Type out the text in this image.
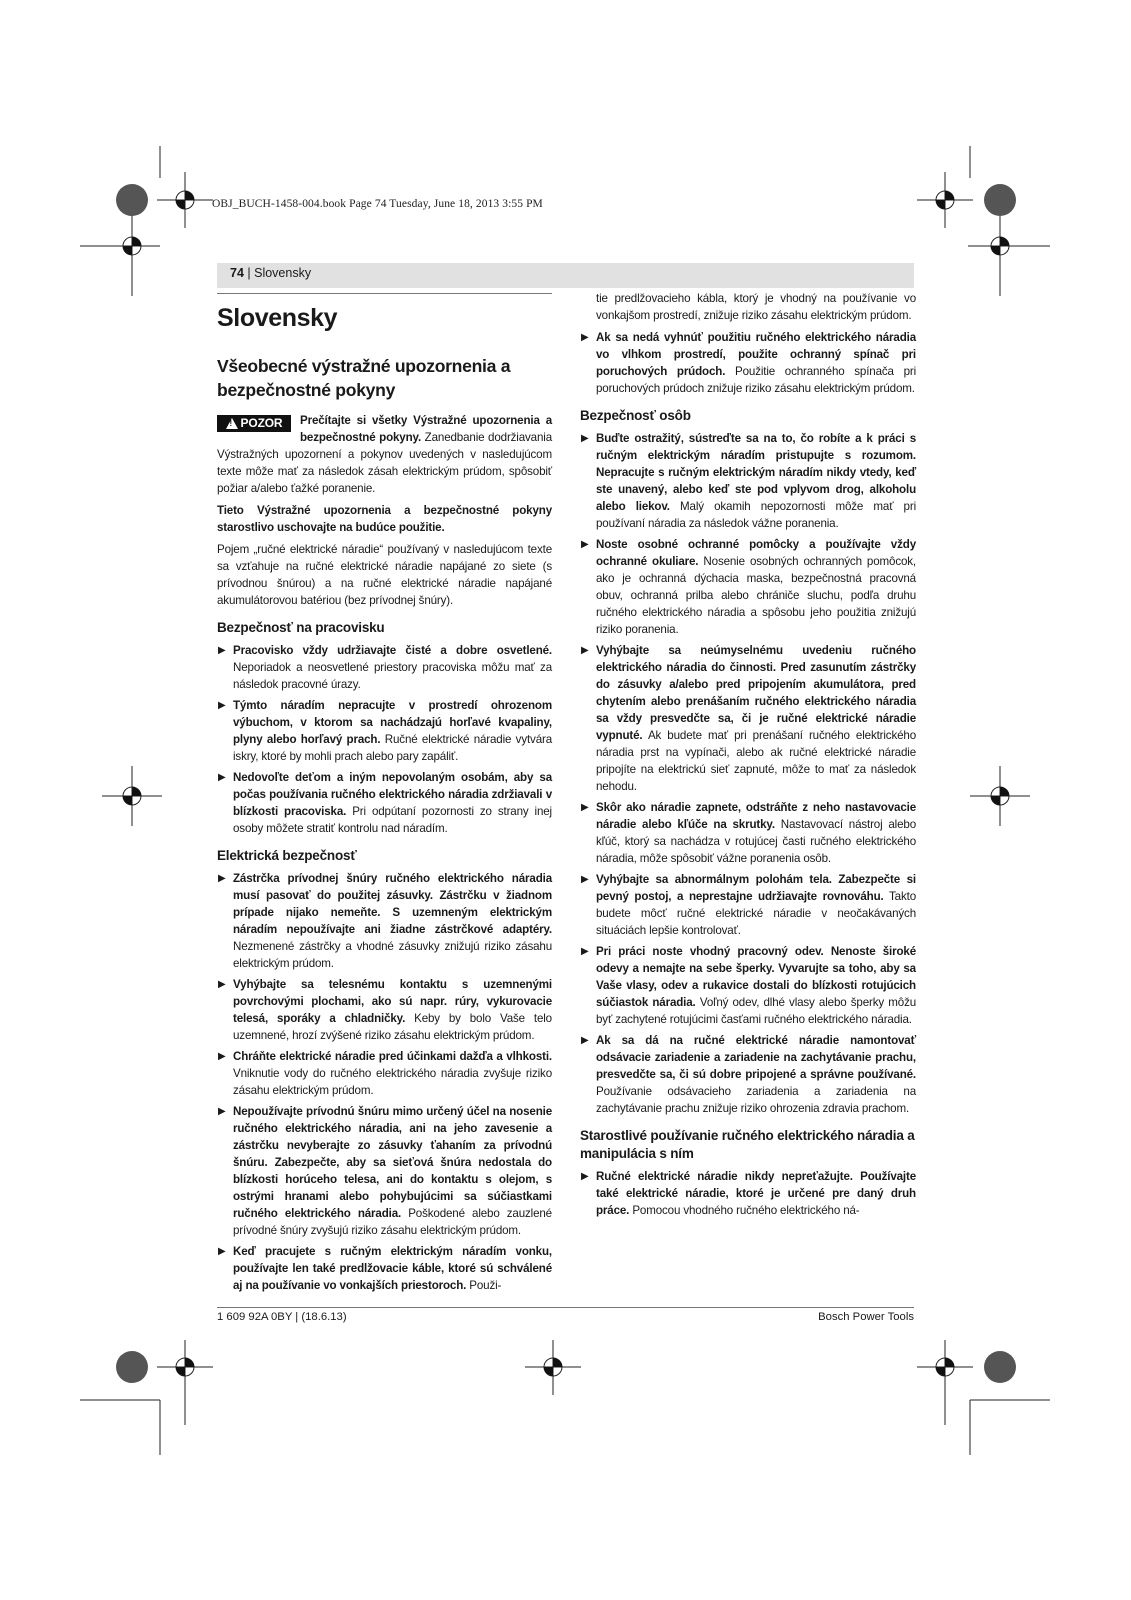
OBJ_BUCH-1458-004.book Page 74 Tuesday, June 18, 2013 3:55 PM
74 | Slovensky
Slovensky
Všeobecné výstražné upozornenia a bezpečnostné pokyny

!
POZOR Prečítajte si všetky Výstražné upozornenia a bezpečnostné pokyny. Zanedbanie dodržiavania Výstražných upozornení a pokynov uvedených v nasledujúcom texte môže mať za následok zásah elektrickým prúdom, spôsobiť požiar a/alebo ťažké poranenie.

Tieto Výstražné upozornenia a bezpečnostné pokyny starostlivo uschovajte na budúce použitie.

Pojem „ručné elektrické náradie“ používaný v nasledujúcom texte sa vzťahuje na ručné elektrické náradie napájané zo siete (s prívodnou šnúrou) a na ručné elektrické náradie napájané akumulátorovou batériou (bez prívodnej šnúry).

Bezpečnosť na pracovisku
▶ Pracovisko vždy udržiavajte čisté a dobre osvetlené. Neporiadok a neosvetlené priestory pracoviska môžu mať za následok pracovné úrazy.
▶ Týmto náradím nepracujte v prostredí ohrozenom výbuchom, v ktorom sa nachádzajú horľavé kvapaliny, plyny alebo horľavý prach. Ručné elektrické náradie vytvára iskry, ktoré by mohli prach alebo pary zapáliť.
▶ Nedovoľte deťom a iným nepovolaným osobám, aby sa počas používania ručného elektrického náradia zdržiavali v blízkosti pracoviska. Pri odpútaní pozornosti zo strany inej osoby môžete stratiť kontrolu nad náradím.
Elektrická bezpečnosť
▶ Zástrčka prívodnej šnúry ručného elektrického náradia musí pasovať do použitej zásuvky. Zástrčku v žiadnom prípade nijako nemeňte. S uzemneným elektrickým náradím nepoužívajte ani žiadne zástrčkové adaptéry. Nezmenené zástrčky a vhodné zásuvky znižujú riziko zásahu elektrickým prúdom.
▶ Vyhýbajte sa telesnému kontaktu s uzemnenými povrchovými plochami, ako sú napr. rúry, vykurovacie telesá, sporáky a chladničky. Keby by bolo Vaše telo uzemnené, hrozí zvýšené riziko zásahu elektrickým prúdom.
▶ Chráňte elektrické náradie pred účinkami dažďa a vlhkosti. Vniknutie vody do ručného elektrického náradia zvyšuje riziko zásahu elektrickým prúdom.
▶ Nepoužívajte prívodnú šnúru mimo určený účel na nosenie ručného elektrického náradia, ani na jeho zavesenie a zástrčku nevyberajte zo zásuvky ťahaním za prívodnú šnúru. Zabezpečte, aby sa sieťová šnúra nedostala do blízkosti horúceho telesa, ani do kontaktu s olejom, s ostrými hranami alebo pohybujúcimi sa súčiastkami ručného elektrického náradia. Poškodené alebo zauzlené prívodné šnúry zvyšujú riziko zásahu elektrickým prúdom.
▶ Keď pracujete s ručným elektrickým náradím vonku, používajte len také predlžovacie káble, ktoré sú schválené aj na používanie vo vonkajších priestoroch. Použi-

tie predlžovacieho kábla, ktorý je vhodný na používanie vo vonkajšom prostredí, znižuje riziko zásahu elektrickým prúdom.

▶ Ak sa nedá vyhnúť použitiu ručného elektrického náradia vo vlhkom prostredí, použite ochranný spínač pri poruchových prúdoch. Použitie ochranného spínača pri poruchových prúdoch znižuje riziko zásahu elektrickým prúdom.
Bezpečnosť osôb
▶ Buďte ostražitý, sústreďte sa na to, čo robíte a k práci s ručným elektrickým náradím pristupujte s rozumom. Nepracujte s ručným elektrickým náradím nikdy vtedy, keď ste unavený, alebo keď ste pod vplyvom drog, alkoholu alebo liekov. Malý okamih nepozornosti môže mať pri používaní náradia za následok vážne poranenia.
▶ Noste osobné ochranné pomôcky a používajte vždy ochranné okuliare. Nosenie osobných ochranných pomôcok, ako je ochranná dýchacia maska, bezpečnostná pracovná obuv, ochranná prilba alebo chrániče sluchu, podľa druhu ručného elektrického náradia a spôsobu jeho použitia znižujú riziko poranenia.
▶ Vyhýbajte sa neúmyselnému uvedeniu ručného elektrického náradia do činnosti. Pred zasunutím zástrčky do zásuvky a/alebo pred pripojením akumulátora, pred chytením alebo prenášaním ručného elektrického náradia sa vždy presvedčte sa, či je ručné elektrické náradie vypnuté. Ak budete mať pri prenášaní ručného elektrického náradia prst na vypínači, alebo ak ručné elektrické náradie pripojíte na elektrickú sieť zapnuté, môže to mať za následok nehodu.
▶ Skôr ako náradie zapnete, odstráňte z neho nastavovacie náradie alebo kľúče na skrutky. Nastavovací nástroj alebo kľúč, ktorý sa nachádza v rotujúcej časti ručného elektrického náradia, môže spôsobiť vážne poranenia osôb.
▶ Vyhýbajte sa abnormálnym polohám tela. Zabezpečte si pevný postoj, a neprestajne udržiavajte rovnováhu. Takto budete môcť ručné elektrické náradie v neočakávaných situáciách lepšie kontrolovať.
▶ Pri práci noste vhodný pracovný odev. Nenoste široké odevy a nemajte na sebe šperky. Vyvarujte sa toho, aby sa Vaše vlasy, odev a rukavice dostali do blízkosti rotujúcich súčiastok náradia. Voľný odev, dlhé vlasy alebo šperky môžu byť zachytené rotujúcimi časťami ručného elektrického náradia.
▶ Ak sa dá na ručné elektrické náradie namontovať odsávacie zariadenie a zariadenie na zachytávanie prachu, presvedčte sa, či sú dobre pripojené a správne používané. Používanie odsávacieho zariadenia a zariadenia na zachytávanie prachu znižuje riziko ohrozenia zdravia prachom.
Starostlivé používanie ručného elektrického náradia a manipulácia s ním
▶ Ručné elektrické náradie nikdy nepreťažujte. Používajte také elektrické náradie, ktoré je určené pre daný druh práce. Pomocou vhodného ručného elektrického ná-
1 609 92A 0BY | (18.6.13)	Bosch Power Tools
